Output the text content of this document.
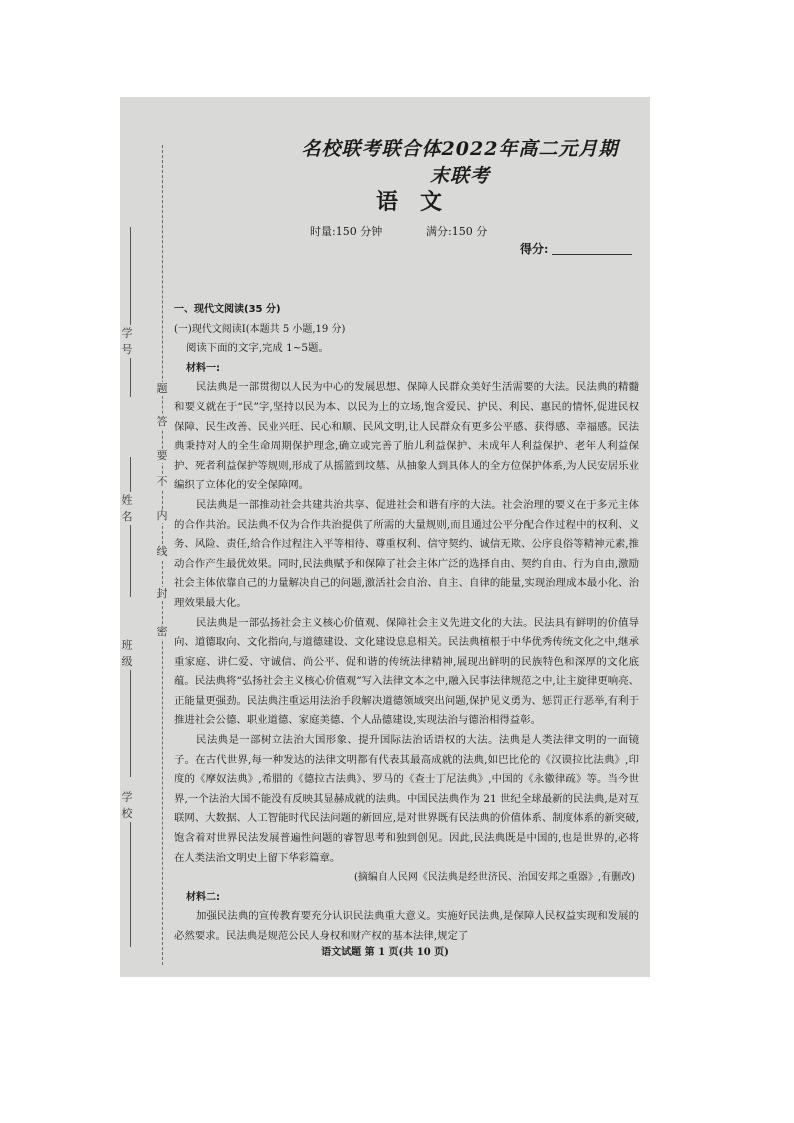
学 号
姓 名
班 级
学 校
密
封
线
内
不
要
答
题
名校联考联合体2022年高二元月期末联考
语文
时量:150 分钟	满分:150 分
得分:
一、现代文阅读(35 分)
(一)现代文阅读Ⅰ(本题共 5 小题,19 分)
阅读下面的文字,完成 1~5题。
材料一:

民法典是一部贯彻以人民为中心的发展思想、保障人民群众美好生活需要的大法。民法典的精髓和要义就在于“民”字,坚持以民为本、以民为上的立场,饱含爱民、护民、利民、惠民的情怀,促进民权保障、民生改善、民业兴旺、民心和顺、民风文明,让人民群众有更多公平感、获得感、幸福感。民法典秉持对人的全生命周期保护理念,确立或完善了胎儿利益保护、未成年人利益保护、老年人利益保护、死者利益保护等规则,形成了从摇篮到坟墓、从抽象人到具体人的全方位保护体系,为人民安居乐业编织了立体化的安全保障网。

民法典是一部推动社会共建共治共享、促进社会和谐有序的大法。社会治理的要义在于多元主体的合作共治。民法典不仅为合作共治提供了所需的大量规则,而且通过公平分配合作过程中的权利、义务、风险、责任,给合作过程注入平等相待、尊重权利、信守契约、诚信无欺、公序良俗等精神元素,推动合作产生最优效果。同时,民法典赋予和保障了社会主体广泛的选择自由、契约自由、行为自由,激励社会主体依靠自己的力量解决自己的问题,激活社会自治、自主、自律的能量,实现治理成本最小化、治理效果最大化。

民法典是一部弘扬社会主义核心价值观、保障社会主义先进文化的大法。民法具有鲜明的价值导向、道德取向、文化指向,与道德建设、文化建设息息相关。民法典植根于中华优秀传统文化之中,继承重家庭、讲仁爱、守诚信、尚公平、促和谐的传统法律精神,展现出鲜明的民族特色和深厚的文化底蕴。民法典将“弘扬社会主义核心价值观”写入法律文本之中,融入民事法律规范之中,让主旋律更响亮、正能量更强劲。民法典注重运用法治手段解决道德领域突出问题,保护见义勇为、惩罚正行恶举,有利于推进社会公德、职业道德、家庭美德、个人品德建设,实现法治与德治相得益彰。

民法典是一部树立法治大国形象、提升国际法治话语权的大法。法典是人类法律文明的一面镜子。在古代世界,每一种发达的法律文明都有代表其最高成就的法典,如巴比伦的《汉谟拉比法典》,印度的《摩奴法典》,希腊的《德拉古法典》、罗马的《查士丁尼法典》,中国的《永徽律疏》等。当今世界,一个法治大国不能没有反映其显赫成就的法典。中国民法典作为 21 世纪全球最新的民法典,是对互联网、大数据、人工智能时代民法问题的新回应,是对世界既有民法典的价值体系、制度体系的新突破,饱含着对世界民法发展普遍性问题的睿智思考和独到创见。因此,民法典既是中国的,也是世界的,必将在人类法治文明史上留下华彩篇章。

(摘编自人民网《民法典是经世济民、治国安邦之重器》,有删改)
材料二:

加强民法典的宣传教育要充分认识民法典重大意义。实施好民法典,是保障人民权益实现和发展的必然要求。民法典是规范公民人身权和财产权的基本法律,规定了

语文试题 第 1 页(共 10 页)
